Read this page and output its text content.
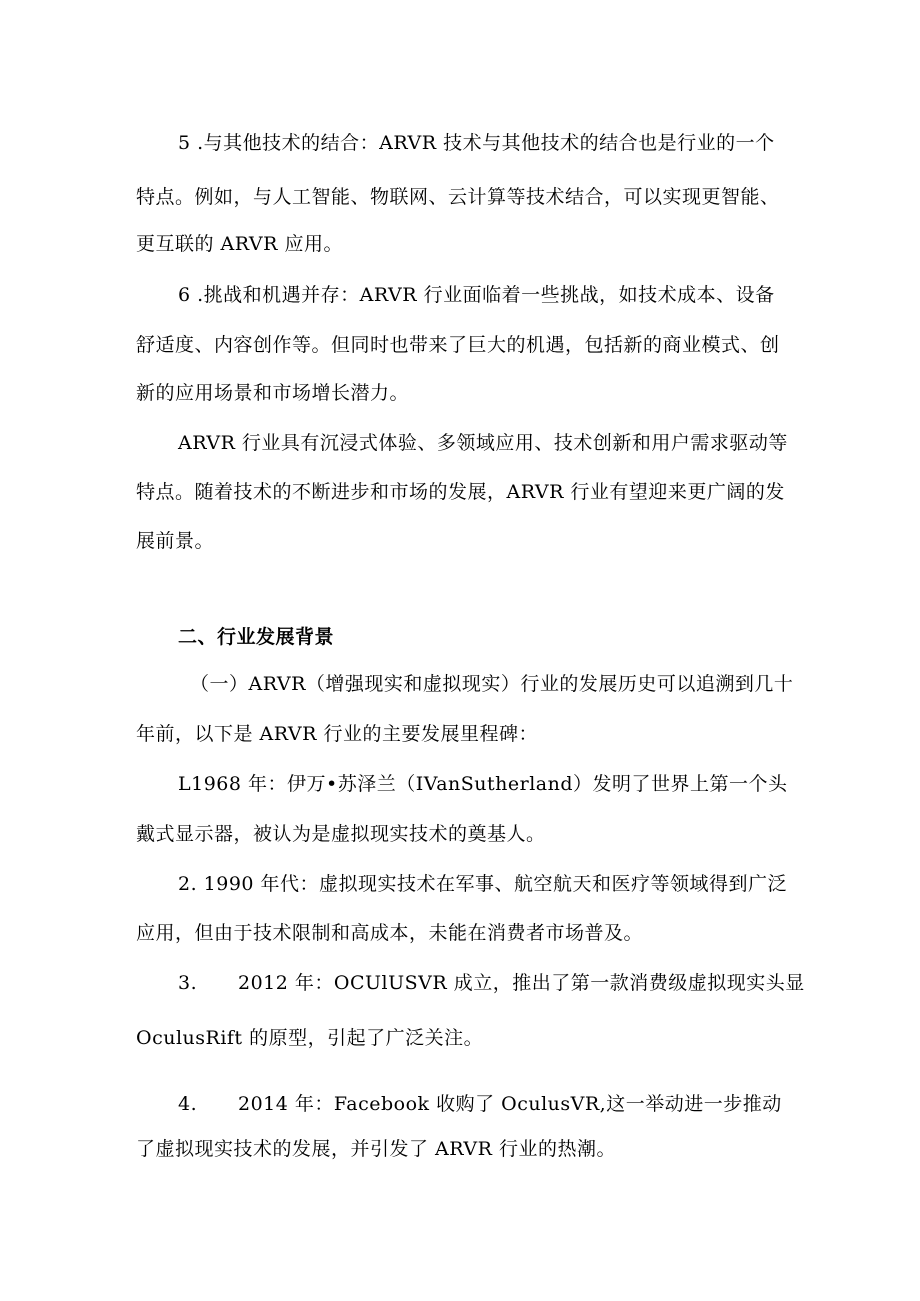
5 .与其他技术的结合：ARVR 技术与其他技术的结合也是行业的一个

特点。例如，与人工智能、物联网、云计算等技术结合，可以实现更智能、

更互联的 ARVR 应用。

6 .挑战和机遇并存：ARVR 行业面临着一些挑战，如技术成本、设备

舒适度、内容创作等。但同时也带来了巨大的机遇，包括新的商业模式、创

新的应用场景和市场增长潜力。

ARVR 行业具有沉浸式体验、多领域应用、技术创新和用户需求驱动等

特点。随着技术的不断进步和市场的发展，ARVR 行业有望迎来更广阔的发

展前景。

二、行业发展背景

（一）ARVR（增强现实和虚拟现实）行业的发展历史可以追溯到几十

年前，以下是 ARVR 行业的主要发展里程碑：

L1968 年：伊万•苏泽兰（IVanSutherland）发明了世界上第一个头

戴式显示器，被认为是虚拟现实技术的奠基人。

2. 1990 年代：虚拟现实技术在军事、航空航天和医疗等领域得到广泛

应用，但由于技术限制和高成本，未能在消费者市场普及。

3. 2012 年：OCUlUSVR 成立，推出了第一款消费级虚拟现实头显

OculusRift 的原型，引起了广泛关注。

4. 2014 年：Facebook 收购了 OculusVR,这一举动进一步推动

了虚拟现实技术的发展，并引发了 ARVR 行业的热潮。
